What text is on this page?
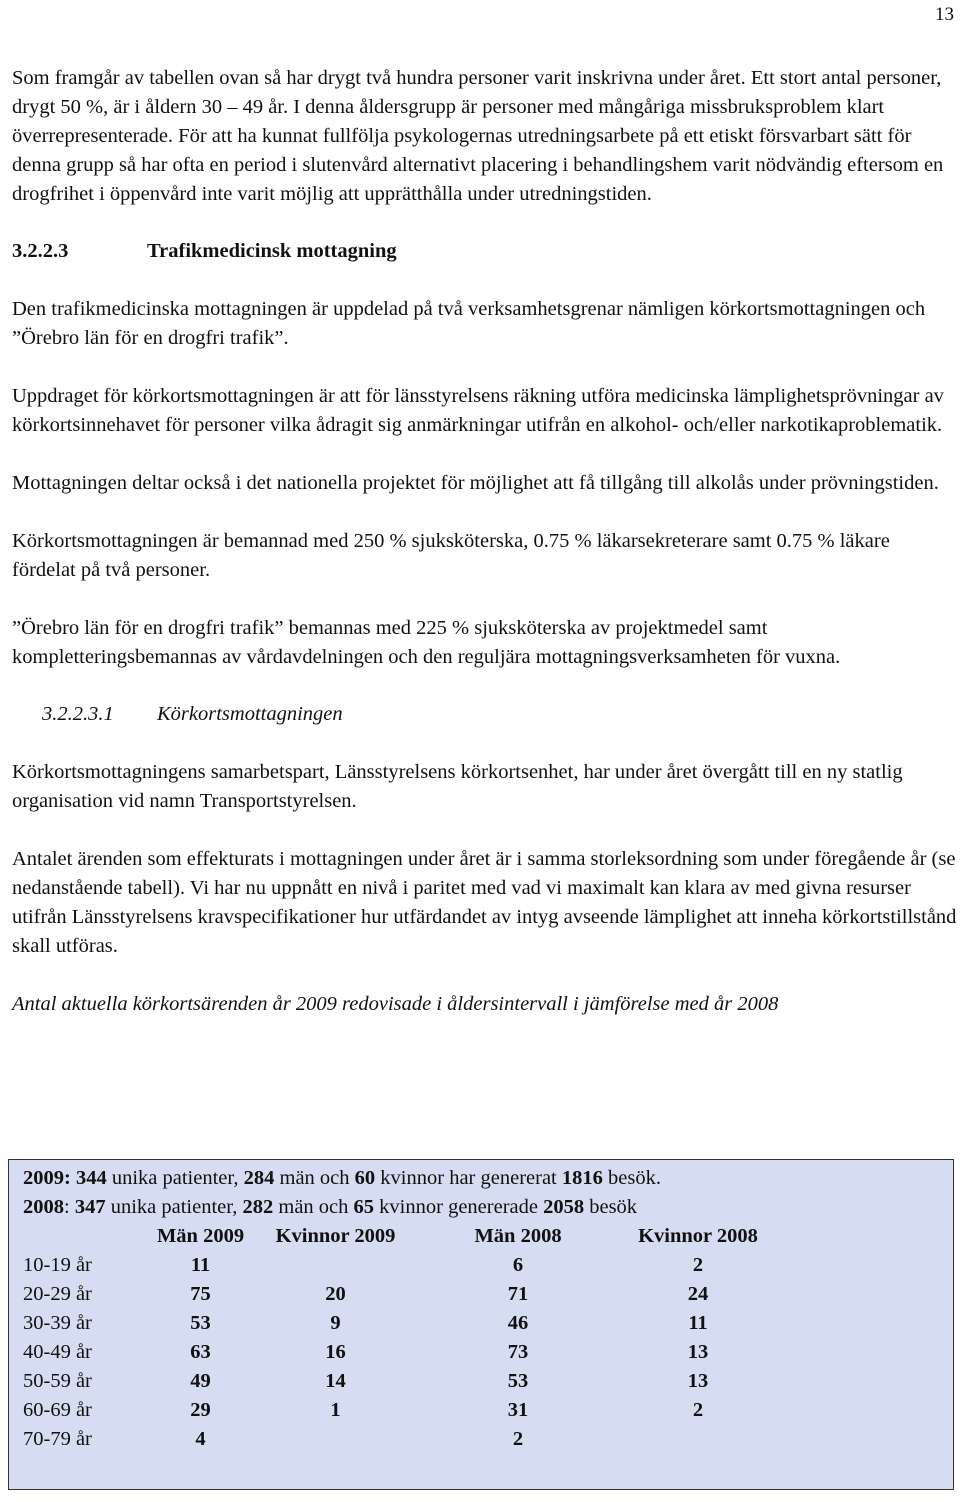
13

Som framgår av tabellen ovan så har drygt två hundra personer varit inskrivna under året. Ett stort antal personer, drygt 50 %, är i åldern 30 – 49 år. I denna åldersgrupp är personer med mångåriga missbruksproblem klart överrepresenterade. För att ha kunnat fullfölja psykologernas utredningsarbete på ett etiskt försvarbart sätt för denna grupp så har ofta en period i slutenvård alternativt placering i behandlingshem varit nödvändig eftersom en drogfrihet i öppenvård inte varit möjlig att upprätthålla under utredningstiden.

3.2.2.3	Trafikmedicinsk mottagning

Den trafikmedicinska mottagningen är uppdelad på två verksamhetsgrenar nämligen körkortsmottagningen och ”Örebro län för en drogfri trafik”.

Uppdraget för körkortsmottagningen är att för länsstyrelsens räkning utföra medicinska lämplighetsprövningar av körkortsinnehavet för personer vilka ådragit sig anmärkningar utifrån en alkohol- och/eller narkotikaproblematik.

Mottagningen deltar också i det nationella projektet för möjlighet att få tillgång till alkolås under prövningstiden.

Körkortsmottagningen är bemannad med 250 % sjuksköterska, 0.75 % läkarsekreterare samt 0.75 % läkare fördelat på två personer.

”Örebro län för en drogfri trafik” bemannas med 225 % sjuksköterska av projektmedel samt kompletteringsbemannas av vårdavdelningen och den reguljära mottagningsverksamheten för vuxna.

3.2.2.3.1 Körkortsmottagningen

Körkortsmottagningens samarbetspart, Länsstyrelsens körkortsenhet, har under året övergått till en ny statlig organisation vid namn Transportstyrelsen.

Antalet ärenden som effekturats i mottagningen under året är i samma storleksordning som under föregående år (se nedanstående tabell). Vi har nu uppnått en nivå i paritet med vad vi maximalt kan klara av med givna resurser utifrån Länsstyrelsens kravspecifikationer hur utfärdandet av intyg avseende lämplighet att inneha körkortstillstånd skall utföras.

Antal aktuella körkortsärenden år 2009 redovisade i åldersintervall i jämförelse med år 2008

2009: 344 unika patienter, 284 män och 60 kvinnor har genererat 1816 besök.
2008: 347 unika patienter, 282 män och 65 kvinnor genererade 2058 besök
	Män 2009	Kvinnor 2009	Män 2008	Kvinnor 2008
10-19 år	11		6	2
20-29 år	75	20	71	24
30-39 år	53	9	46	11
40-49 år	63	16	73	13
50-59 år	49	14	53	13
60-69 år	29	1	31	2
70-79 år	4		2	
